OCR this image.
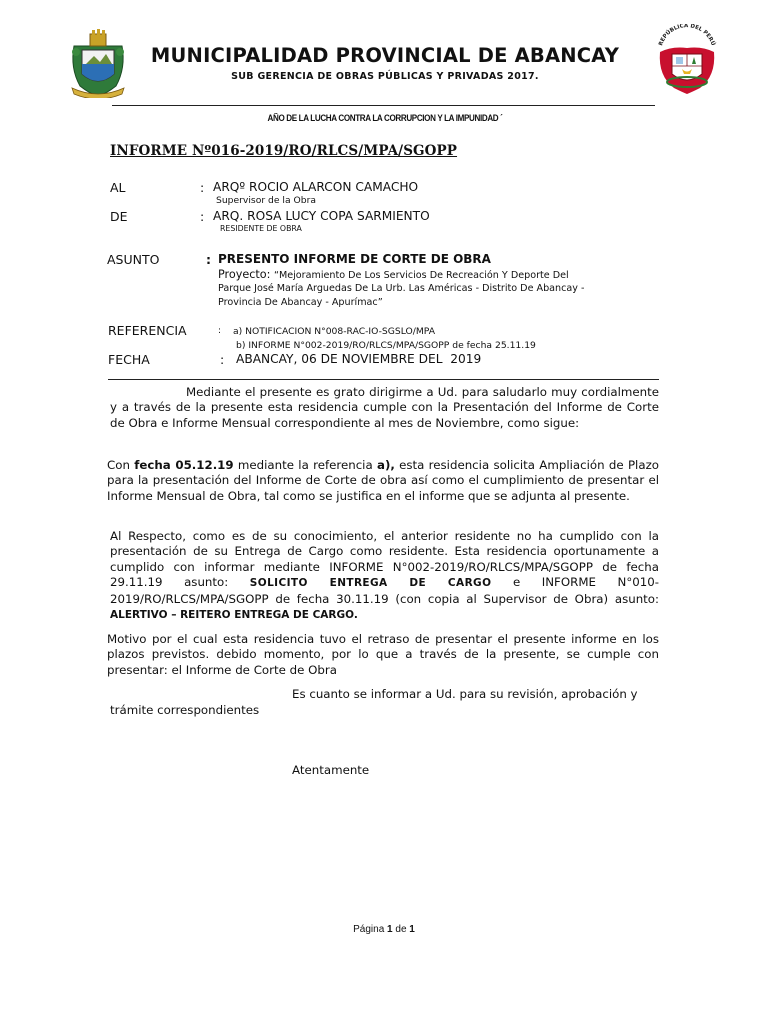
MUNICIPALIDAD PROVINCIAL DE ABANCAY
SUB GERENCIA DE OBRAS PÚBLICAS Y PRIVADAS 2017.
REPÚBLICA DEL PERÚ
AÑO DE LA LUCHA CONTRA LA CORRUPCION Y LA IMPUNIDAD ´
INFORME Nº016-2019/RO/RLCS/MPA/SGOPP
AL	: ARQº ROCIO ALARCON CAMACHO
Supervisor de la Obra
DE	: ARQ. ROSA LUCY COPA SARMIENTO
RESIDENTE DE OBRA
ASUNTO	: PRESENTO INFORME DE CORTE DE OBRA
Proyecto: “Mejoramiento De Los Servicios De Recreación Y Deporte Del
Parque José María Arguedas De La Urb. Las Américas - Distrito De Abancay -
Provincia De Abancay - Apurímac”
REFERENCIA	: a) NOTIFICACION N°008-RAC-IO-SGSLO/MPA
b) INFORME N°002-2019/RO/RLCS/MPA/SGOPP de fecha 25.11.19
FECHA	: ABANCAY, 06 DE NOVIEMBRE DEL  2019
Mediante el presente es grato dirigirme a Ud. para saludarlo muy cordialmente y a través de la presente esta residencia cumple con la Presentación del Informe de Corte de Obra e Informe Mensual correspondiente al mes de Noviembre, como sigue:
Con fecha 05.12.19 mediante la referencia a), esta residencia solicita Ampliación de Plazo para la presentación del Informe de Corte de obra así como el cumplimiento de presentar el Informe Mensual de Obra, tal como se justifica en el informe que se adjunta al presente.
Al Respecto, como es de su conocimiento, el anterior residente no ha cumplido con la presentación de su Entrega de Cargo como residente. Esta residencia oportunamente a cumplido con informar mediante INFORME N°002-2019/RO/RLCS/MPA/SGOPP de fecha 29.11.19 asunto: SOLICITO ENTREGA DE CARGO e INFORME N°010-2019/RO/RLCS/MPA/SGOPP de fecha 30.11.19 (con copia al Supervisor de Obra) asunto: ALERTIVO – REITERO ENTREGA DE CARGO.
Motivo por el cual esta residencia tuvo el retraso de presentar el presente informe en los plazos previstos. debido momento, por lo que a través de la presente, se cumple con presentar: el Informe de Corte de Obra
Es cuanto se informar a Ud. para su revisión, aprobación y
trámite correspondientes
Atentamente
Página 1 de 1
